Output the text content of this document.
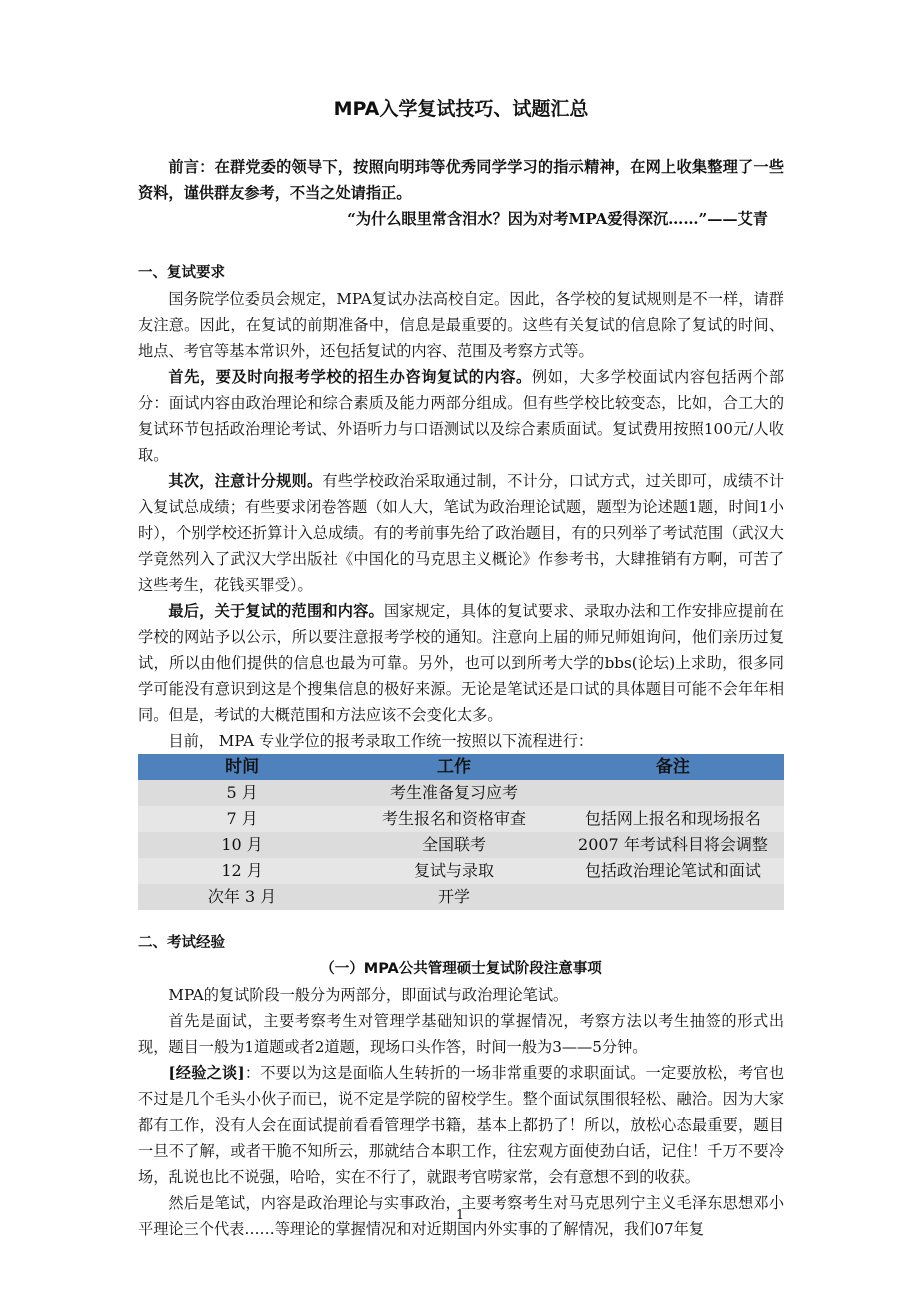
MPA入学复试技巧、试题汇总

前言：在群党委的领导下，按照向明玮等优秀同学学习的指示精神，在网上收集整理了一些资料，谨供群友参考，不当之处请指正。

“为什么眼里常含泪水？因为对考MPA爱得深沉……”——艾青

一、复试要求

国务院学位委员会规定，MPA复试办法高校自定。因此，各学校的复试规则是不一样，请群友注意。因此，在复试的前期准备中，信息是最重要的。这些有关复试的信息除了复试的时间、地点、考官等基本常识外，还包括复试的内容、范围及考察方式等。

首先，要及时向报考学校的招生办咨询复试的内容。例如，大多学校面试内容包括两个部分：面试内容由政治理论和综合素质及能力两部分组成。但有些学校比较变态，比如，合工大的复试环节包括政治理论考试、外语听力与口语测试以及综合素质面试。复试费用按照100元/人收取。

其次，注意计分规则。有些学校政治采取通过制，不计分，口试方式，过关即可，成绩不计入复试总成绩；有些要求闭卷答题（如人大，笔试为政治理论试题，题型为论述题1题，时间1小时），个别学校还折算计入总成绩。有的考前事先给了政治题目，有的只列举了考试范围（武汉大学竟然列入了武汉大学出版社《中国化的马克思主义概论》作参考书，大肆推销有方啊，可苦了这些考生，花钱买罪受）。

最后，关于复试的范围和内容。国家规定，具体的复试要求、录取办法和工作安排应提前在学校的网站予以公示，所以要注意报考学校的通知。注意向上届的师兄师姐询问，他们亲历过复试，所以由他们提供的信息也最为可靠。另外，也可以到所考大学的bbs(论坛)上求助，很多同学可能没有意识到这是个搜集信息的极好来源。无论是笔试还是口试的具体题目可能不会年年相同。但是，考试的大概范围和方法应该不会变化太多。

目前， MPA 专业学位的报考录取工作统一按照以下流程进行：

时间	工作	备注
5 月	考生准备复习应考	
7 月	考生报名和资格审查	包括网上报名和现场报名
10 月	全国联考	2007 年考试科目将会调整
12 月	复试与录取	包括政治理论笔试和面试
次年 3 月	开学	

二、考试经验

（一）MPA公共管理硕士复试阶段注意事项

MPA的复试阶段一般分为两部分，即面试与政治理论笔试。

首先是面试，主要考察考生对管理学基础知识的掌握情况，考察方法以考生抽签的形式出现，题目一般为1道题或者2道题，现场口头作答，时间一般为3——5分钟。

[经验之谈]：不要以为这是面临人生转折的一场非常重要的求职面试。一定要放松，考官也不过是几个毛头小伙子而已，说不定是学院的留校学生。整个面试氛围很轻松、融洽。因为大家都有工作，没有人会在面试提前看看管理学书籍，基本上都扔了！所以，放松心态最重要，题目一旦不了解，或者干脆不知所云，那就结合本职工作，往宏观方面使劲白话，记住！千万不要冷场，乱说也比不说强，哈哈，实在不行了，就跟考官唠家常，会有意想不到的收获。

然后是笔试，内容是政治理论与实事政治，主要考察考生对马克思列宁主义毛泽东思想邓小平理论三个代表……等理论的掌握情况和对近期国内外实事的了解情况，我们07年复

1
